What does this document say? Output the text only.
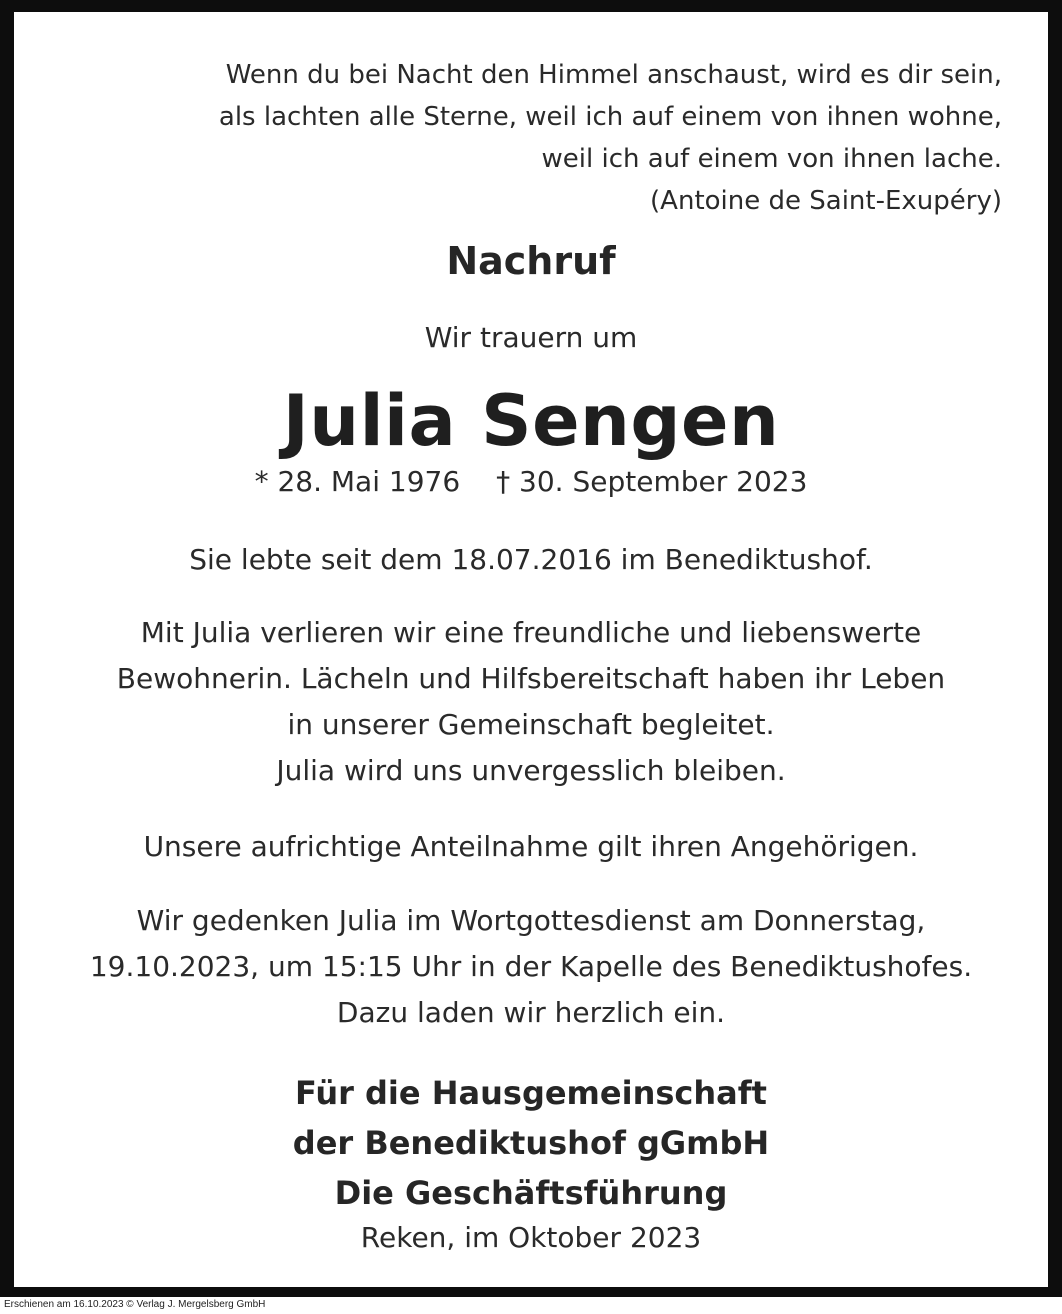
Wenn du bei Nacht den Himmel anschaust, wird es dir sein,
als lachten alle Sterne, weil ich auf einem von ihnen wohne,
weil ich auf einem von ihnen lache.
(Antoine de Saint-Exupéry)
Nachruf
Wir trauern um
Julia Sengen
* 28. Mai 1976 † 30. September 2023
Sie lebte seit dem 18.07.2016 im Benediktushof.
Mit Julia verlieren wir eine freundliche und liebenswerte
Bewohnerin. Lächeln und Hilfsbereitschaft haben ihr Leben
in unserer Gemeinschaft begleitet.
Julia wird uns unvergesslich bleiben.
Unsere aufrichtige Anteilnahme gilt ihren Angehörigen.
Wir gedenken Julia im Wortgottesdienst am Donnerstag,
19.10.2023, um 15:15 Uhr in der Kapelle des Benediktushofes.
Dazu laden wir herzlich ein.
Für die Hausgemeinschaft
der Benediktushof gGmbH
Die Geschäftsführung
Reken, im Oktober 2023
Erschienen am 16.10.2023 © Verlag J. Mergelsberg GmbH
